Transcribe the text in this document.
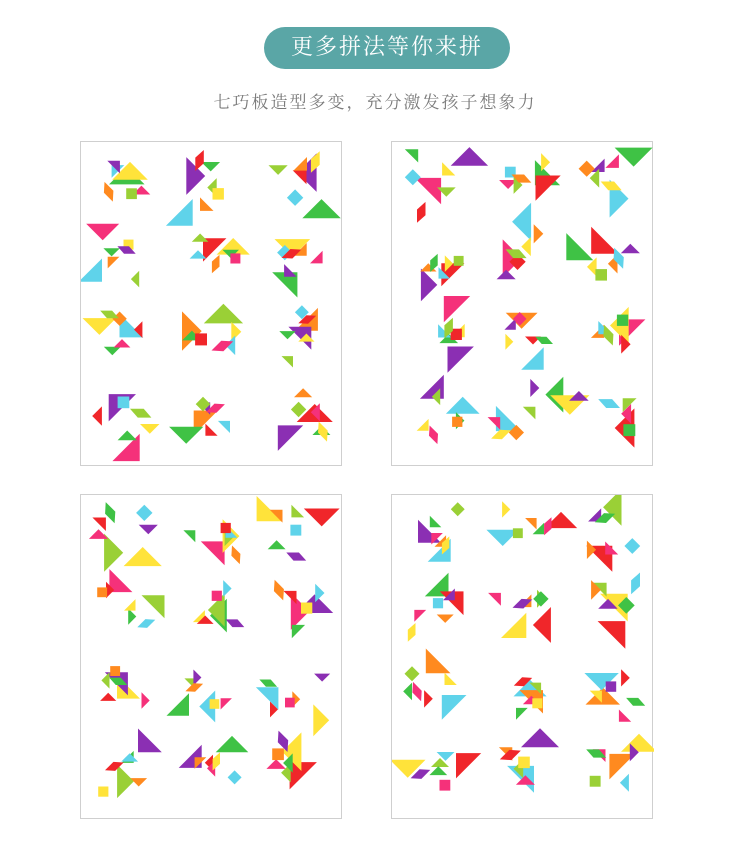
更多拼法等你来拼
七巧板造型多变，充分激发孩子想象力
